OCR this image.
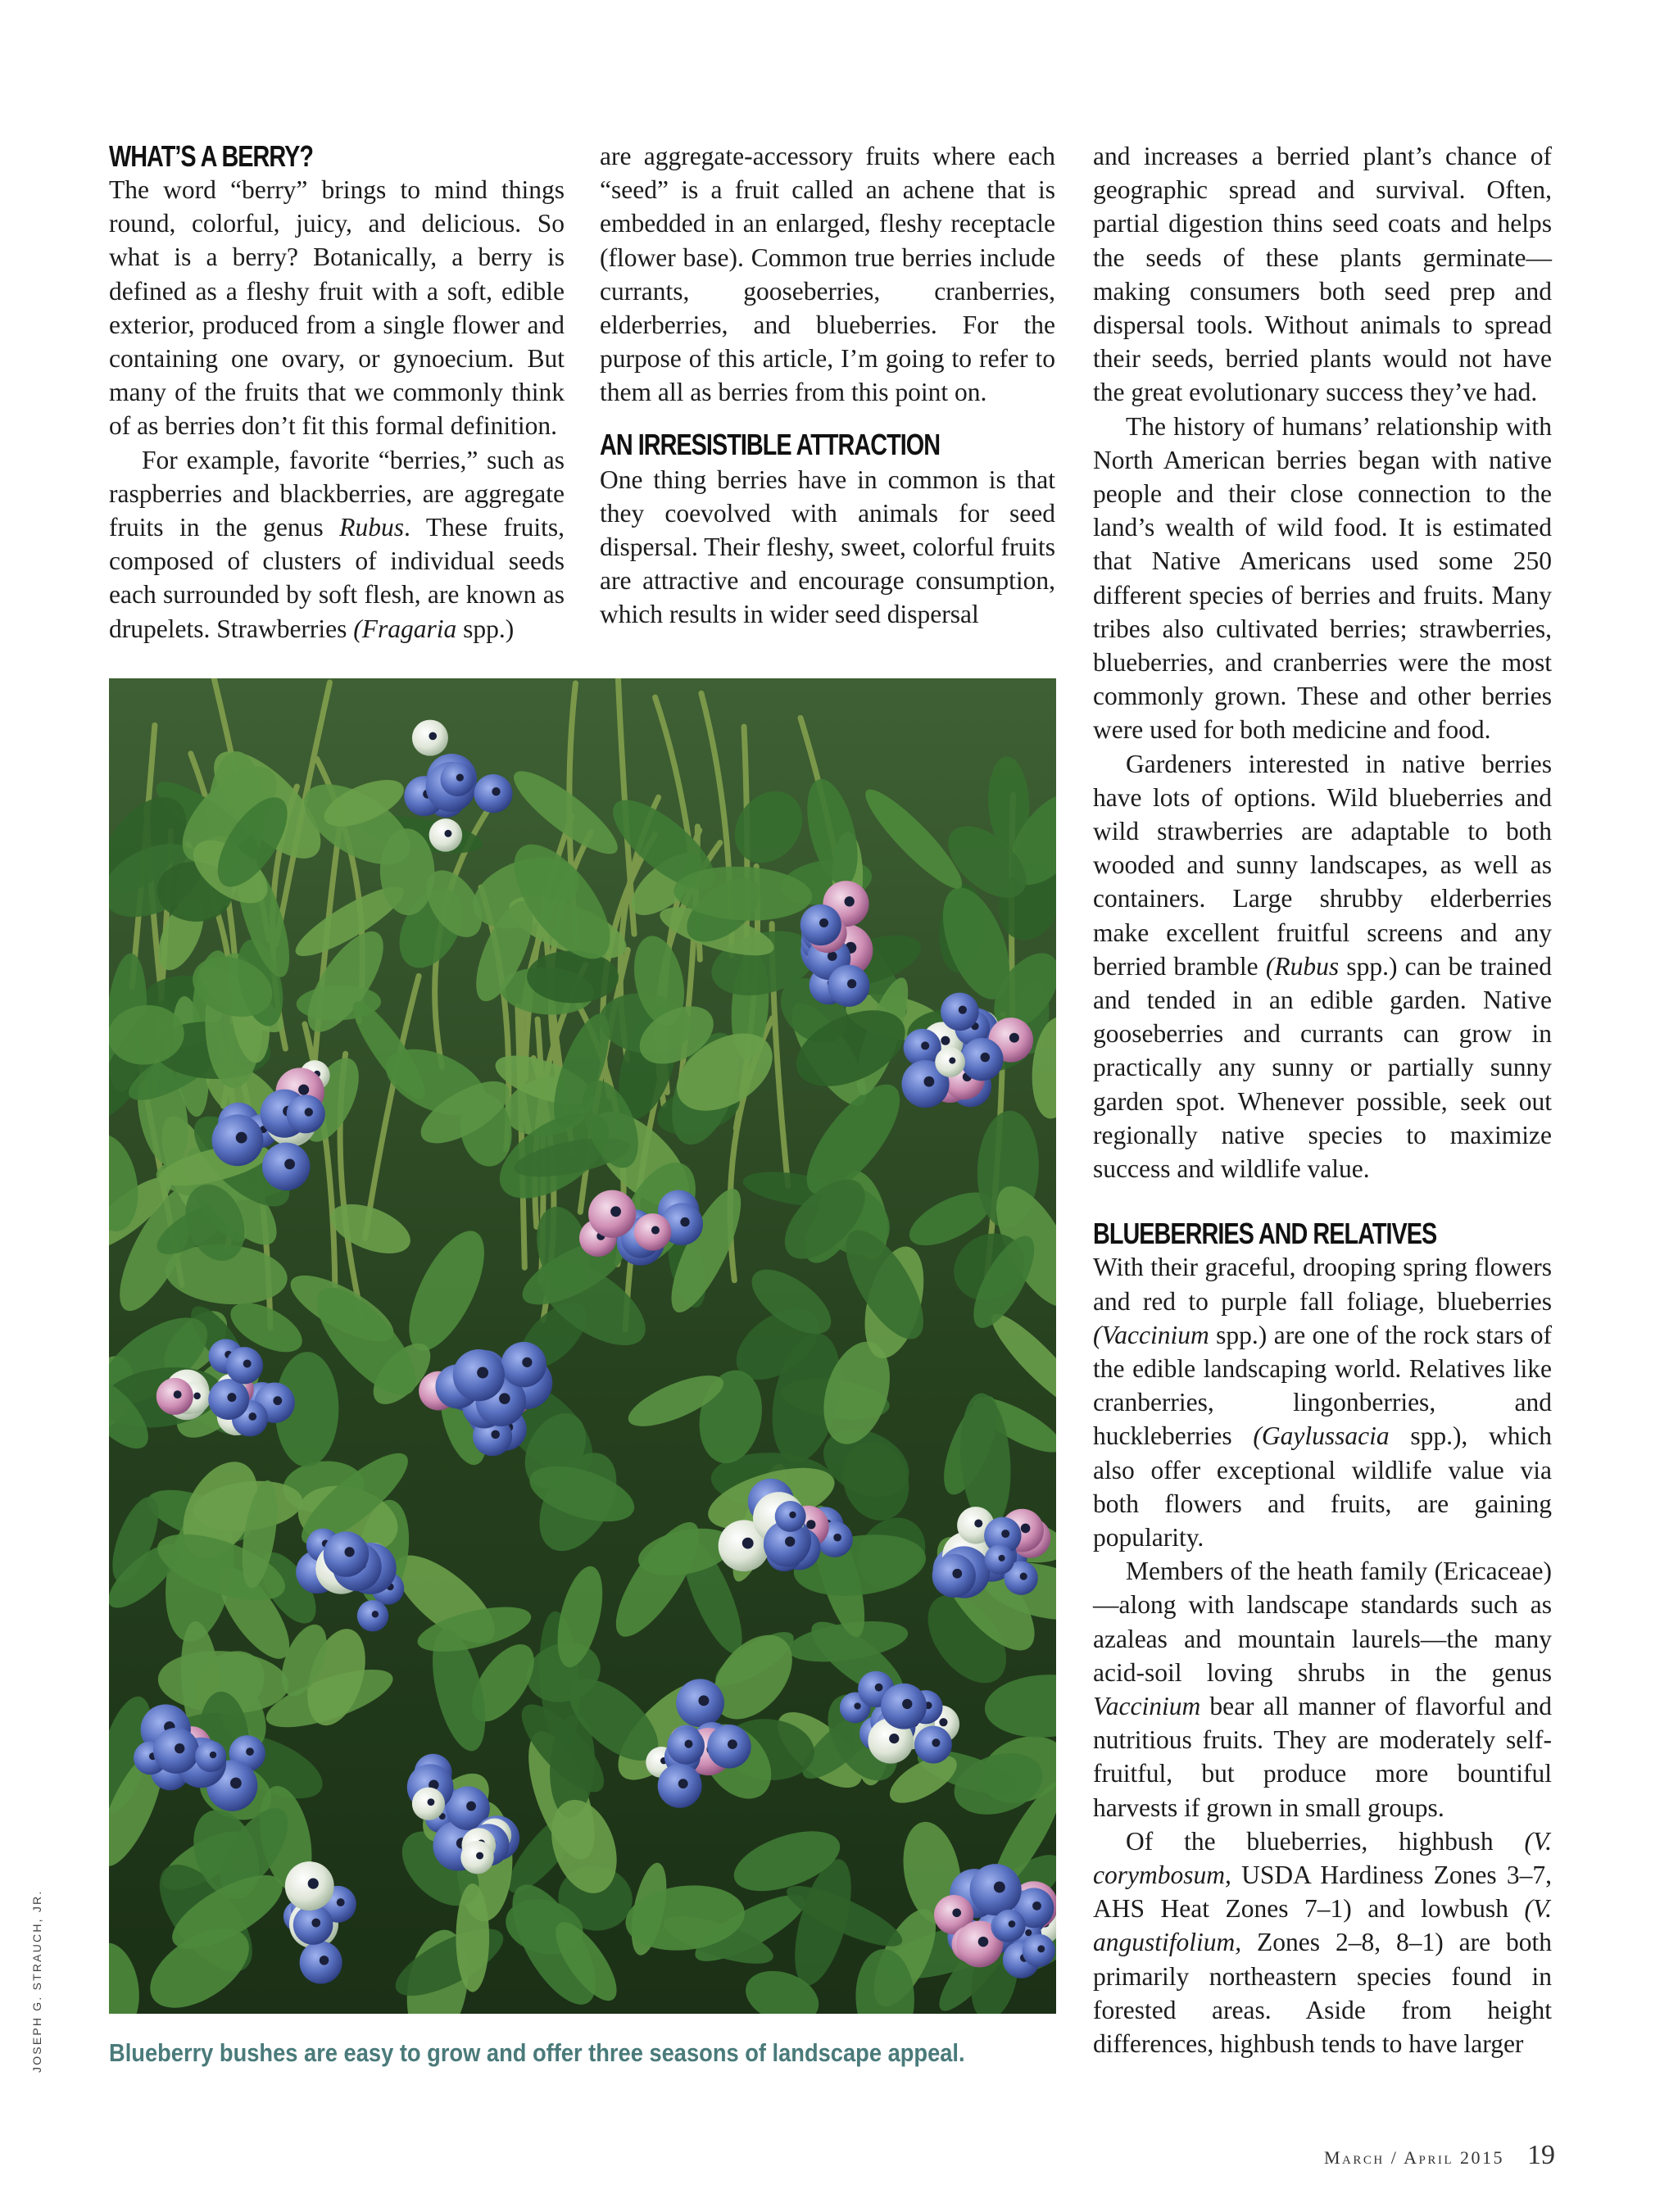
WHAT’S A BERRY?

The word “berry” brings to mind things round, colorful, juicy, and delicious. So what is a berry? Botanically, a berry is defined as a fleshy fruit with a soft, edible exterior, produced from a single flower and containing one ovary, or gynoecium. But many of the fruits that we commonly think of as berries don’t fit this formal definition.

For example, favorite “berries,” such as raspberries and blackberries, are aggregate fruits in the genus Rubus. These fruits, composed of clusters of individual seeds each surrounded by soft flesh, are known as drupelets. Strawberries (Fragaria spp.)

are aggregate-accessory fruits where each “seed” is a fruit called an achene that is embedded in an enlarged, fleshy receptacle (flower base). Common true berries include currants, gooseberries, cranberries, elderberries, and blueberries. For the purpose of this article, I’m going to refer to them all as berries from this point on.

AN IRRESISTIBLE ATTRACTION

One thing berries have in common is that they coevolved with animals for seed dispersal. Their fleshy, sweet, colorful fruits are attractive and encourage consumption, which results in wider seed dispersal

and increases a berried plant’s chance of geographic spread and survival. Often, partial digestion thins seed coats and helps the seeds of these plants germinate—making consumers both seed prep and dispersal tools. Without animals to spread their seeds, berried plants would not have the great evolutionary success they’ve had.

The history of humans’ relationship with North American berries began with native people and their close connection to the land’s wealth of wild food. It is estimated that Native Americans used some 250 different species of berries and fruits. Many tribes also cultivated berries; strawberries, blueberries, and cranberries were the most commonly grown. These and other berries were used for both medicine and food.

Gardeners interested in native berries have lots of options. Wild blueberries and wild strawberries are adaptable to both wooded and sunny landscapes, as well as containers. Large shrubby elderberries make excellent fruitful screens and any berried bramble (Rubus spp.) can be trained and tended in an edible garden. Native gooseberries and currants can grow in practically any sunny or partially sunny garden spot. Whenever possible, seek out regionally native species to maximize success and wildlife value.

BLUEBERRIES AND RELATIVES

With their graceful, drooping spring flowers and red to purple fall foliage, blueberries (Vaccinium spp.) are one of the rock stars of the edible landscaping world. Relatives like cranberries, lingonberries, and huckleberries (Gaylussacia spp.), which also offer exceptional wildlife value via both flowers and fruits, are gaining popularity.

Members of the heath family (Ericaceae)—along with landscape standards such as azaleas and mountain laurels—the many acid-soil loving shrubs in the genus Vaccinium bear all manner of flavorful and nutritious fruits. They are moderately self-fruitful, but produce more bountiful harvests if grown in small groups.

Of the blueberries, highbush (V. corymbosum, USDA Hardiness Zones 3–7, AHS Heat Zones 7–1) and lowbush (V. angustifolium, Zones 2–8, 8–1) are both primarily northeastern species found in forested areas. Aside from height differences, highbush tends to have larger

Blueberry bushes are easy to grow and offer three seasons of landscape appeal.
JOSEPH G. STRAUCH, JR.
March / April 2015 19
